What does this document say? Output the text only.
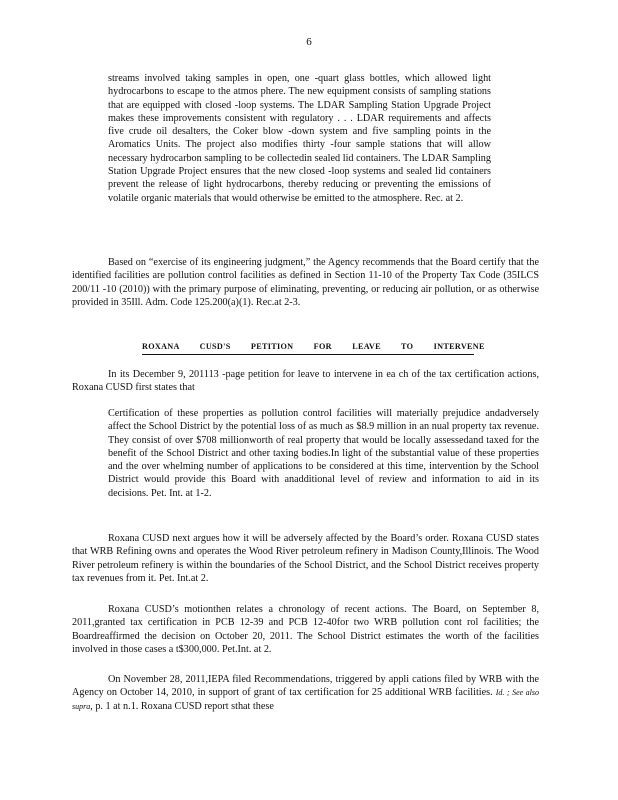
6

streams involved taking samples in open, one -quart glass bottles, which allowed light hydrocarbons to escape to the atmos phere. The new equipment consists of sampling stations that are equipped with closed -loop systems. The LDAR Sampling Station Upgrade Project makes these improvements consistent with regulatory . . . LDAR requirements and affects five crude oil desalters, the Coker blow -down system and five sampling points in the Aromatics Units. The project also modifies thirty -four sample stations that will allow necessary hydrocarbon sampling to be collectedin sealed lid containers. The LDAR Sampling Station Upgrade Project ensures that the new closed -loop systems and sealed lid containers prevent the release of light hydrocarbons, thereby reducing or preventing the emissions of volatile organic materials that would otherwise be emitted to the atmosphere. Rec. at 2.

Based on “exercise of its engineering judgment,” the Agency recommends that the Board certify that the identified facilities are pollution control facilities as defined in Section 11-10 of the Property Tax Code (35ILCS 200/11 -10 (2010)) with the primary purpose of eliminating, preventing, or reducing air pollution, or as otherwise provided in 35Ill. Adm. Code 125.200(a)(1). Rec.at 2-3.

ROXANA CUSD'S PETITION FOR LEAVE TO INTERVENE

In its December 9, 201113 -page petition for leave to intervene in ea ch of the tax certification actions, Roxana CUSD first states that

Certification of these properties as pollution control facilities will materially prejudice andadversely affect the School District by the potential loss of as much as $8.9 million in an nual property tax revenue. They consist of over $708 millionworth of real property that would be locally assessedand taxed for the benefit of the School District and other taxing bodies.In light of the substantial value of these properties and the over whelming number of applications to be considered at this time, intervention by the School District would provide this Board with anadditional level of review and information to aid in its decisions. Pet. Int. at 1-2.

Roxana CUSD next argues how it will be adversely affected by the Board’s order. Roxana CUSD states that WRB Refining owns and operates the Wood River petroleum refinery in Madison County,Illinois. The Wood River petroleum refinery is within the boundaries of the School District, and the School District receives property tax revenues from it. Pet. Int.at 2.

Roxana CUSD’s motionthen relates a chronology of recent actions. The Board, on September 8, 2011,granted tax certification in PCB 12-39 and PCB 12-40for two WRB pollution cont rol facilities; the Boardreaffirmed the decision on October 20, 2011. The School District estimates the worth of the facilities involved in those cases a t$300,000. Pet.Int. at 2.

On November 28, 2011,IEPA filed Recommendations, triggered by appli cations filed by WRB with the Agency on October 14, 2010, in support of grant of tax certification for 25 additional WRB facilities. Id. ; See also supra, p. 1 at n.1. Roxana CUSD report sthat these
